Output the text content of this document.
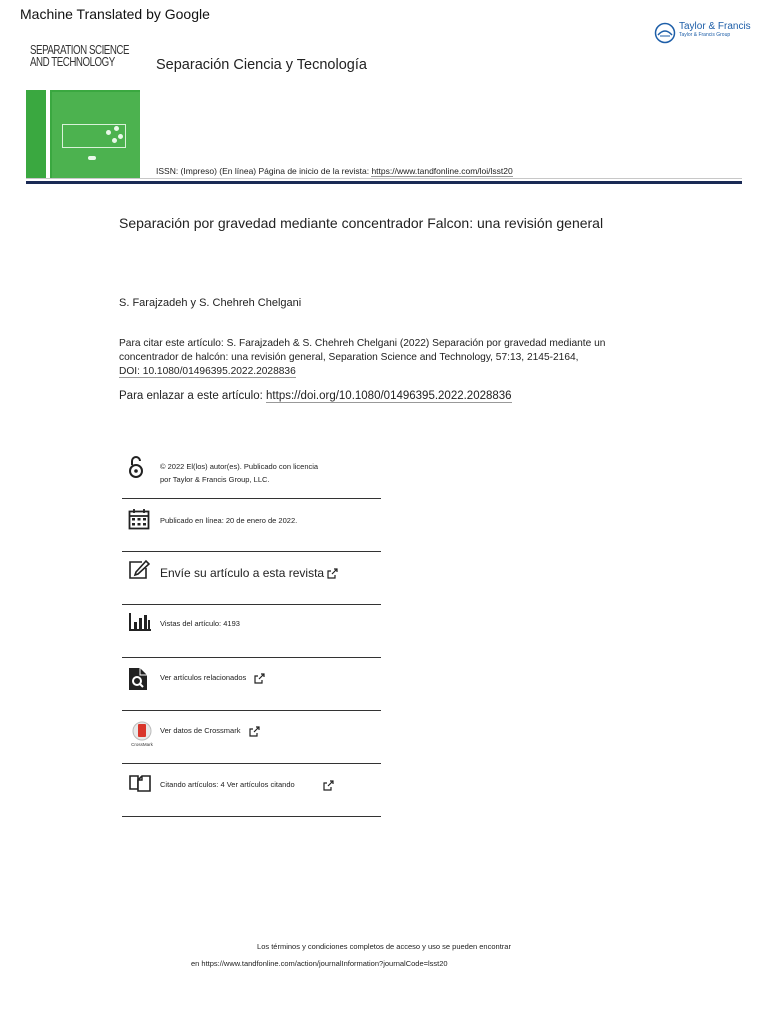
Machine Translated by Google
SEPARATION SCIENCE
AND TECHNOLOGY	Separación Ciencia y Tecnología
Taylor & Francis
Taylor & Francis Group
ISSN: (Impreso) (En línea) Página de inicio de la revista: https://www.tandfonline.com/loi/lsst20
Separación por gravedad mediante concentrador Falcon: una revisión general
S. Farajzadeh y S. Chehreh Chelgani
Para citar este artículo: S. Farajzadeh & S. Chehreh Chelgani (2022) Separación por gravedad mediante un concentrador de halcón: una revisión general, Separation Science and Technology, 57:13, 2145-2164,
DOI: 10.1080/01496395.2022.2028836
Para enlazar a este artículo: https://doi.org/10.1080/01496395.2022.2028836
© 2022 El(los) autor(es). Publicado con licencia
por Taylor & Francis Group, LLC.
Publicado en línea: 20 de enero de 2022.
Envíe su artículo a esta revista
Vistas del artículo: 4193
Ver artículos relacionados
CrossMark
Ver datos de Crossmark
Citando artículos: 4 Ver artículos citando
Los términos y condiciones completos de acceso y uso se pueden encontrar
en https://www.tandfonline.com/action/journalInformation?journalCode=lsst20
